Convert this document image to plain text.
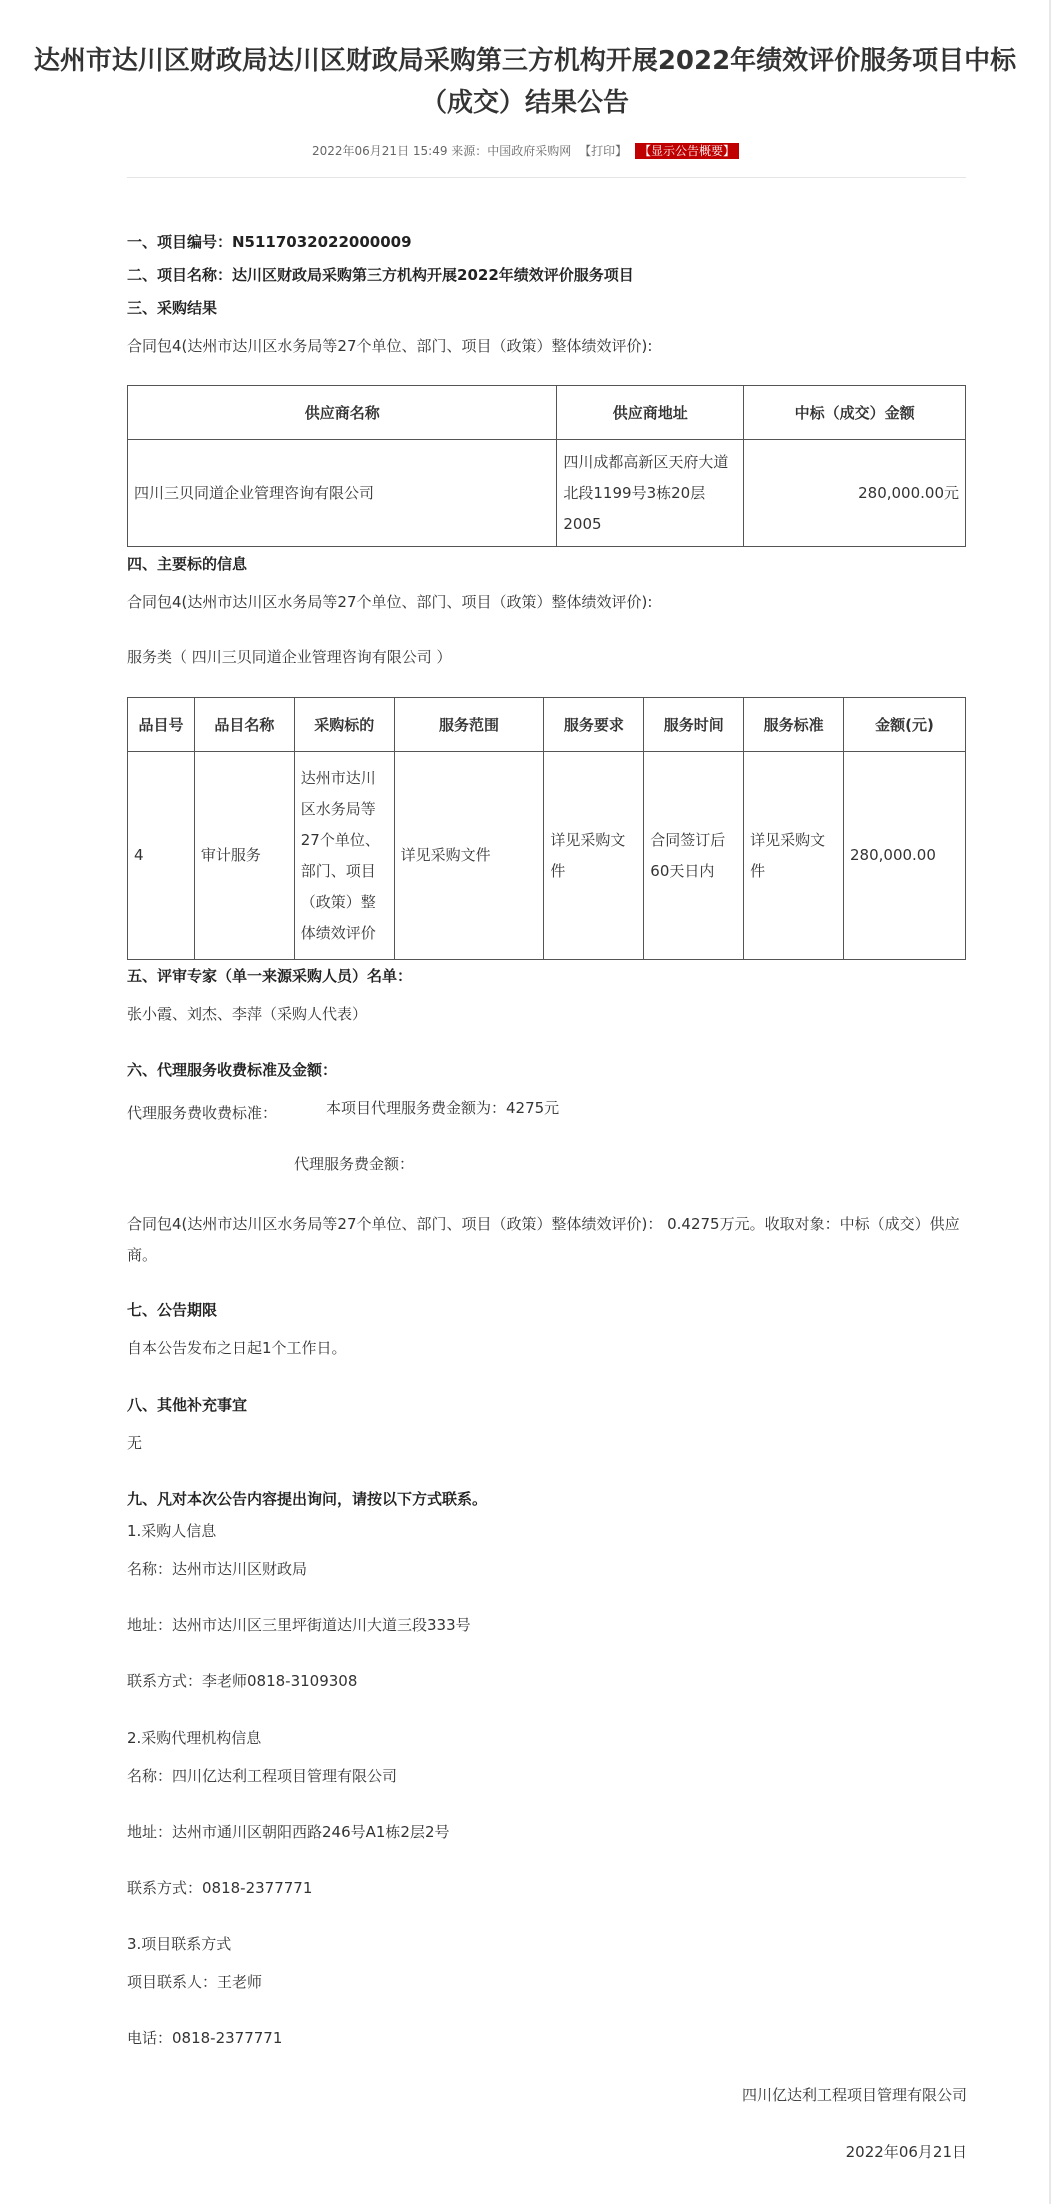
达州市达川区财政局达川区财政局采购第三方机构开展2022年绩效评价服务项目中标（成交）结果公告
2022年06月21日 15:49 来源：中国政府采购网 【打印】 【显示公告概要】
一、项目编号：N5117032022000009
二、项目名称：达川区财政局采购第三方机构开展2022年绩效评价服务项目
三、采购结果
合同包4(达州市达川区水务局等27个单位、部门、项目（政策）整体绩效评价):
供应商名称	供应商地址	中标（成交）金额
四川三贝同道企业管理咨询有限公司	四川成都高新区天府大道北段1199号3栋20层2005	280,000.00元
四、主要标的信息
合同包4(达州市达川区水务局等27个单位、部门、项目（政策）整体绩效评价):
服务类（ 四川三贝同道企业管理咨询有限公司 ）
品目号	品目名称	采购标的	服务范围	服务要求	服务时间	服务标准	金额(元)
4	审计服务	达州市达川区水务局等27个单位、部门、项目（政策）整体绩效评价	详见采购文件	详见采购文件	合同签订后60天日内	详见采购文件	280,000.00
五、评审专家（单一来源采购人员）名单：
张小霞、刘杰、李萍（采购人代表）
六、代理服务收费标准及金额：
代理服务费收费标准：	本项目代理服务费金额为：4275元
代理服务费金额：
合同包4(达州市达川区水务局等27个单位、部门、项目（政策）整体绩效评价)： 0.4275万元。收取对象：中标（成交）供应商。
七、公告期限
自本公告发布之日起1个工作日。
八、其他补充事宜
无
九、凡对本次公告内容提出询问，请按以下方式联系。
1.采购人信息
名称：达州市达川区财政局
地址：达州市达川区三里坪街道达川大道三段333号
联系方式：李老师0818-3109308
2.采购代理机构信息
名称：四川亿达利工程项目管理有限公司
地址：达州市通川区朝阳西路246号A1栋2层2号
联系方式：0818-2377771
3.项目联系方式
项目联系人：王老师
电话：0818-2377771
四川亿达利工程项目管理有限公司
2022年06月21日
